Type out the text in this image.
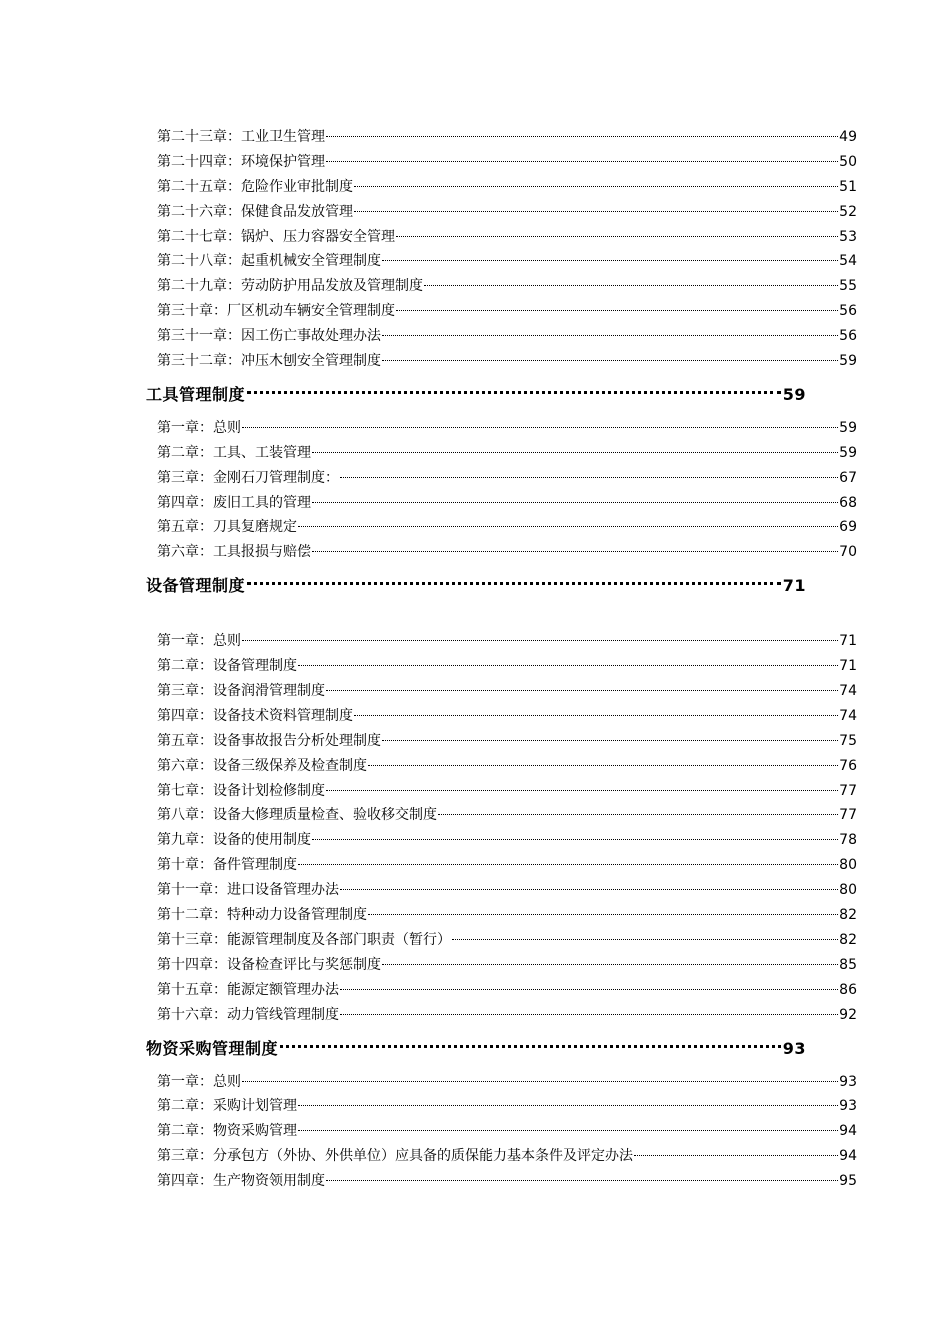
第二十三章：工业卫生管理	49
第二十四章：环境保护管理	50
第二十五章：危险作业审批制度	51
第二十六章：保健食品发放管理	52
第二十七章：锅炉、压力容器安全管理	53
第二十八章：起重机械安全管理制度	54
第二十九章：劳动防护用品发放及管理制度	55
第三十章：厂区机动车辆安全管理制度	56
第三十一章：因工伤亡事故处理办法	56
第三十二章：冲压木刨安全管理制度	59
工具管理制度	59
第一章：总则	59
第二章：工具、工装管理	59
第三章：金刚石刀管理制度：	67
第四章：废旧工具的管理	68
第五章：刀具复磨规定	69
第六章：工具报损与赔偿	70
设备管理制度	71
第一章：总则	71
第二章：设备管理制度	71
第三章：设备润滑管理制度	74
第四章：设备技术资料管理制度	74
第五章：设备事故报告分析处理制度	75
第六章：设备三级保养及检查制度	76
第七章：设备计划检修制度	77
第八章：设备大修理质量检查、验收移交制度	77
第九章：设备的使用制度	78
第十章：备件管理制度	80
第十一章：进口设备管理办法	80
第十二章：特种动力设备管理制度	82
第十三章：能源管理制度及各部门职责（暂行）	82
第十四章：设备检查评比与奖惩制度	85
第十五章：能源定额管理办法	86
第十六章：动力管线管理制度	92
物资采购管理制度	93
第一章：总则	93
第二章：采购计划管理	93
第二章：物资采购管理	94
第三章：分承包方（外协、外供单位）应具备的质保能力基本条件及评定办法	94
第四章：生产物资领用制度	95
